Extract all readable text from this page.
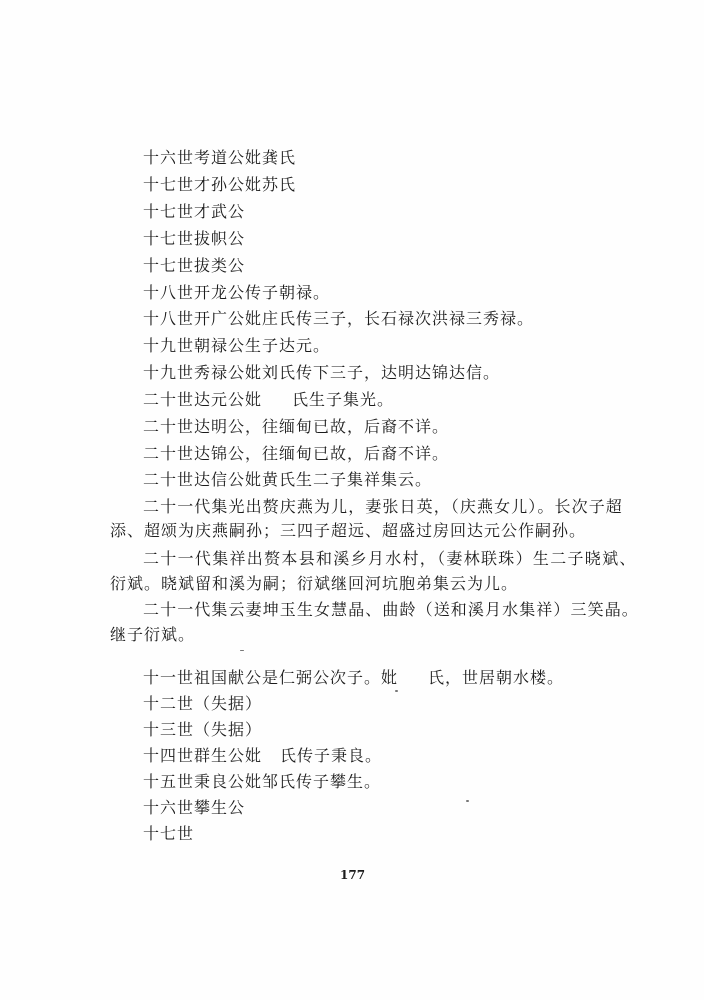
十六世考道公妣龚氏
十七世才孙公妣苏氏
十七世才武公
十七世拔帜公
十七世拔类公
十八世开龙公传子朝禄。
十八世开广公妣庄氏传三子，长石禄次洪禄三秀禄。
十九世朝禄公生子达元。
十九世秀禄公妣刘氏传下三子，达明达锦达信。
二十世达元公妣 氏生子集光。
二十世达明公，往缅甸已故，后裔不详。
二十世达锦公，往缅甸已故，后裔不详。
二十世达信公妣黄氏生二子集祥集云。
二十一代集光出赘庆燕为儿，妻张日英，（庆燕女儿）。长次子超
添、超颂为庆燕嗣孙；三四子超远、超盛过房回达元公作嗣孙。
二十一代集祥出赘本县和溪乡月水村，（妻林联珠）生二子晓斌、
衍斌。晓斌留和溪为嗣；衍斌继回河坑胞弟集云为儿。
二十一代集云妻坤玉生女慧晶、曲龄（送和溪月水集祥）三笑晶。
继子衍斌。
十一世祖国献公是仁弼公次子。妣 氏，世居朝水楼。
十二世（失据）
十三世（失据）
十四世群生公妣 氏传子秉良。
十五世秉良公妣邹氏传子攀生。
十六世攀生公
十七世
177
